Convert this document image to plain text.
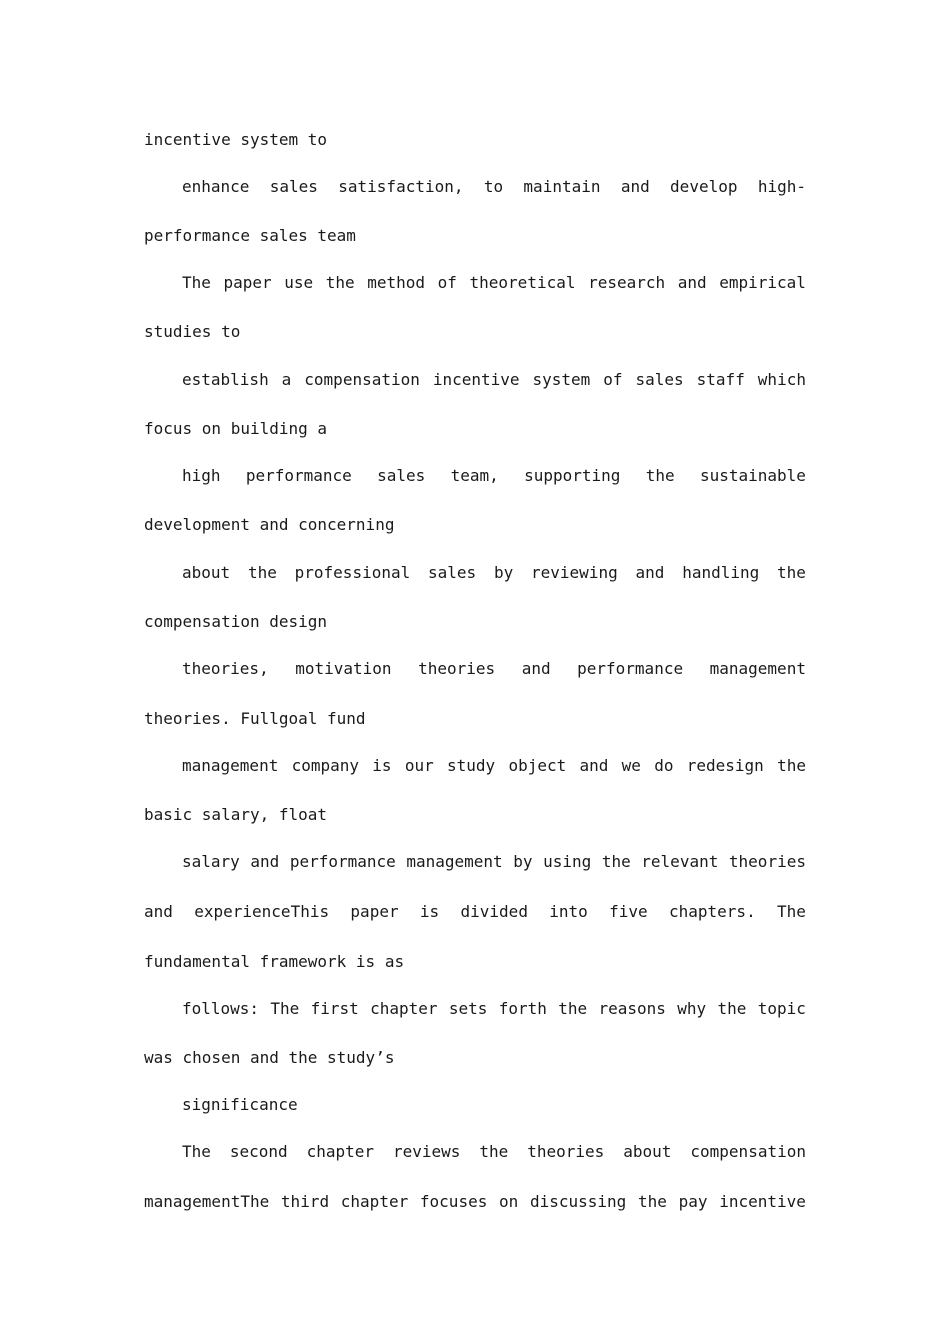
incentive system to
enhance sales satisfaction, to maintain and develop high-
performance sales team
The paper use the method of theoretical research and empirical
studies to
establish a compensation incentive system of sales staff which
focus on building a
high performance sales team, supporting the sustainable
development and concerning
about the professional sales by reviewing and handling the
compensation design
theories, motivation theories and performance management
theories. Fullgoal fund
management company is our study object and we do redesign the
basic salary, float
salary and performance management by using the relevant theories
and experienceThis paper is divided into five chapters. The
fundamental framework is as
follows: The first chapter sets forth the reasons why the topic
was chosen and the study’s
significance
The second chapter reviews the theories about compensation
managementThe third chapter focuses on discussing the pay incentive
